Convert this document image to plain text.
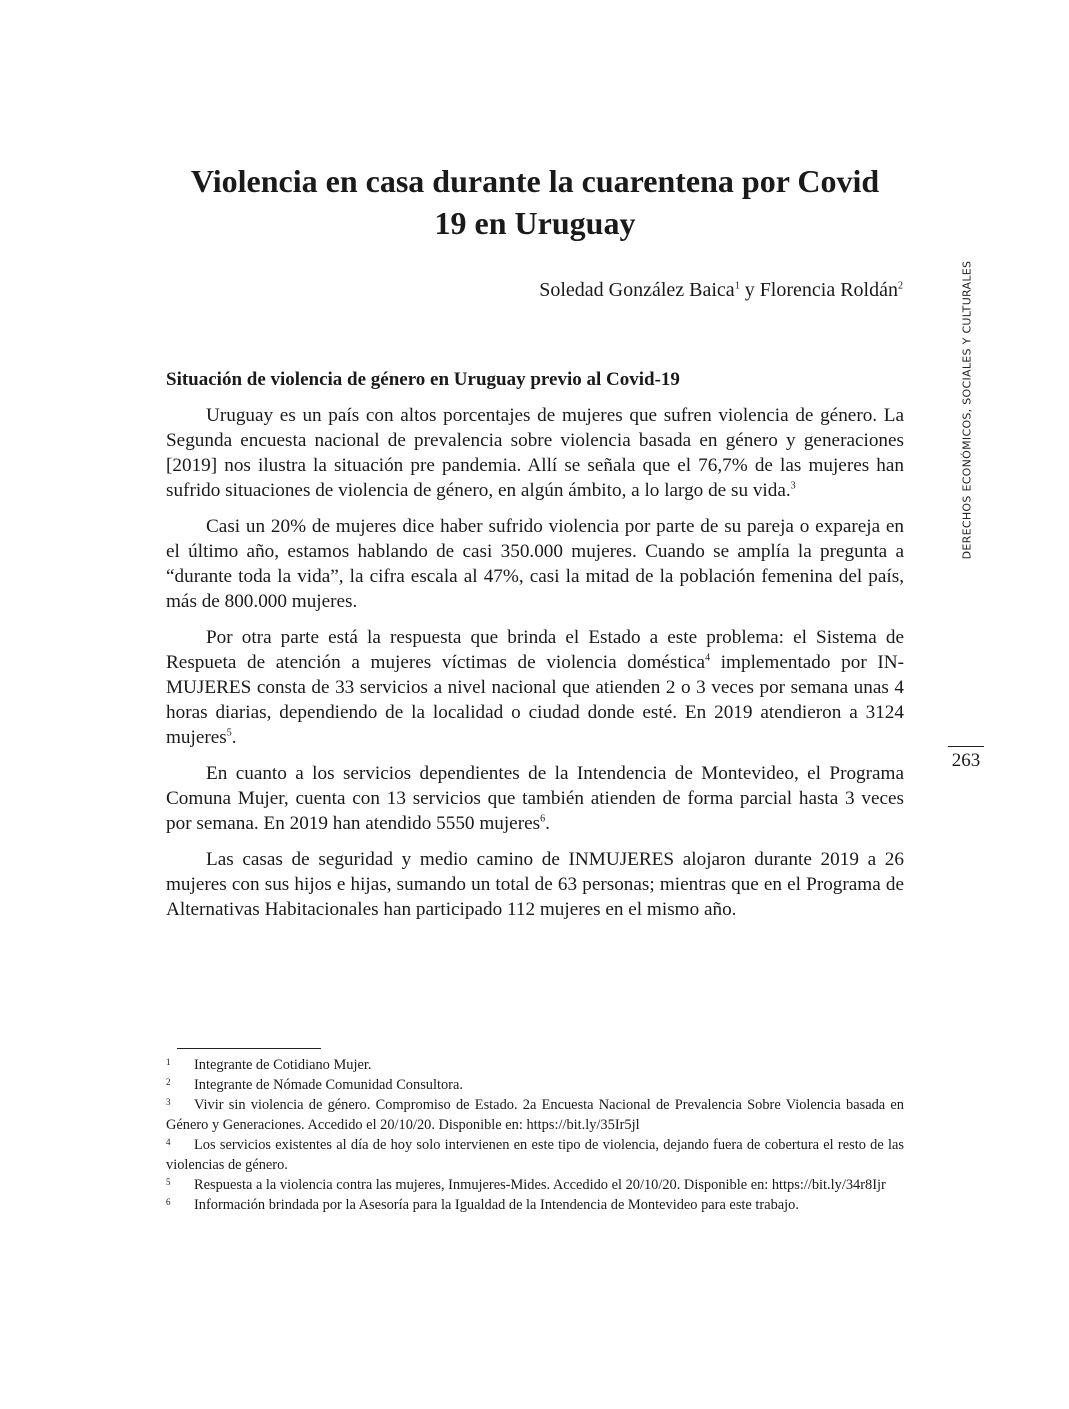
Violencia en casa durante la cuarentena por Covid
19 en Uruguay
Soledad González Baica$^1$ y Florencia Roldán$^2$
Situación de violencia de género en Uruguay previo al Covid-19

Uruguay es un país con altos porcentajes de mujeres que sufren violencia de género. La Segunda encuesta nacional de prevalencia sobre violencia basada en género y generaciones [2019] nos ilustra la situación pre pandemia. Allí se señala que el 76,7% de las mujeres han sufrido situaciones de violencia de género, en algún ámbito, a lo largo de su vida.$^3$

Casi un 20% de mujeres dice haber sufrido violencia por parte de su pareja o expareja en el último año, estamos hablando de casi 350.000 mujeres. Cuando se amplía la pregunta a “durante toda la vida”, la cifra escala al 47%, casi la mitad de la población femenina del país, más de 800.000 mujeres.

Por otra parte está la respuesta que brinda el Estado a este problema: el Sistema de Respueta de atención a mujeres víctimas de violencia doméstica$^4$ implementado por INMUJERES consta de 33 servicios a nivel nacional que atienden 2 o 3 veces por semana unas 4 horas diarias, dependiendo de la localidad o ciudad donde esté. En 2019 atendieron a 3124 mujeres$^5$.

En cuanto a los servicios dependientes de la Intendencia de Montevideo, el Programa Comuna Mujer, cuenta con 13 servicios que también atienden de forma parcial hasta 3 veces por semana. En 2019 han atendido 5550 mujeres$^6$.

Las casas de seguridad y medio camino de INMUJERES alojaron durante 2019 a 26 mujeres con sus hijos e hijas, sumando un total de 63 personas; mientras que en el Programa de Alternativas Habitacionales han participado 112 mujeres en el mismo año.

1 Integrante de Cotidiano Mujer.

2 Integrante de Nómade Comunidad Consultora.

3 Vivir sin violencia de género. Compromiso de Estado. 2a Encuesta Nacional de Prevalencia Sobre Violencia basada en Género y Generaciones. Accedido el 20/10/20. Disponible en: https://bit.ly/35Ir5jl

4 Los servicios existentes al día de hoy solo intervienen en este tipo de violencia, dejando fuera de cobertura el resto de las violencias de género.

5 Respuesta a la violencia contra las mujeres, Inmujeres-Mides. Accedido el 20/10/20. Disponible en: https://bit.ly/34r8Ijr

6 Información brindada por la Asesoría para la Igualdad de la Intendencia de Montevideo para este trabajo.

DERECHOS ECONÓMICOS, SOCIALES Y CULTURALES
263
